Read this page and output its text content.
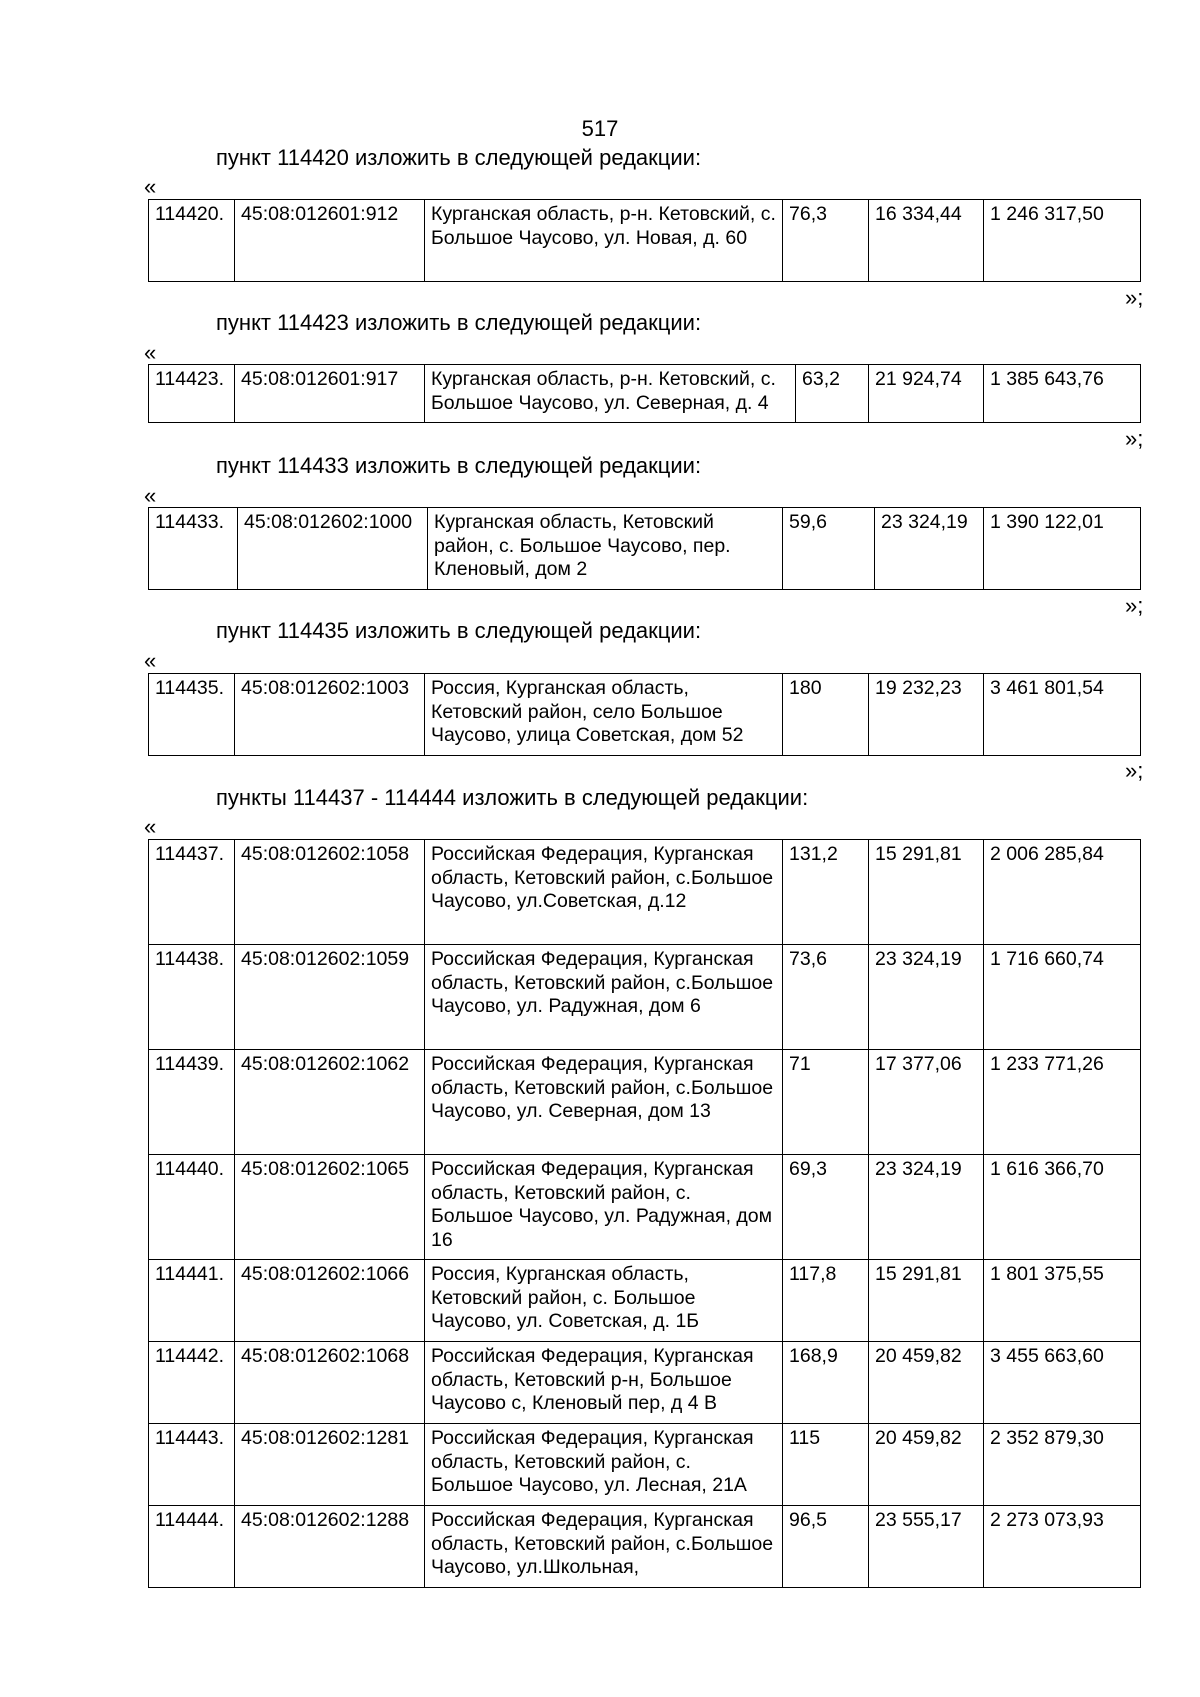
517
пункт 114420 изложить в следующей редакции:
«
114420.	45:08:012601:912	Курганская область, р-н. Кетовский, с. Большое Чаусово, ул. Новая, д. 60	76,3	16 334,44	1 246 317,50
»;
пункт 114423 изложить в следующей редакции:
«
114423.	45:08:012601:917	Курганская область, р-н. Кетовский, с. Большое Чаусово, ул. Северная, д. 4	63,2	21 924,74	1 385 643,76
»;
пункт 114433 изложить в следующей редакции:
«
114433.	45:08:012602:1000	Курганская область, Кетовский район, с. Большое Чаусово, пер. Кленовый, дом 2	59,6	23 324,19	1 390 122,01
»;
пункт 114435 изложить в следующей редакции:
«
114435.	45:08:012602:1003	Россия, Курганская область, Кетовский район, село Большое Чаусово, улица Советская, дом 52	180	19 232,23	3 461 801,54
»;
пункты 114437 - 114444 изложить в следующей редакции:
«
114437.	45:08:012602:1058	Российская Федерация, Курганская область, Кетовский район, с.Большое Чаусово, ул.Советская, д.12	131,2	15 291,81	2 006 285,84
114438.	45:08:012602:1059	Российская Федерация, Курганская область, Кетовский район, с.Большое Чаусово, ул. Радужная, дом 6	73,6	23 324,19	1 716 660,74
114439.	45:08:012602:1062	Российская Федерация, Курганская область, Кетовский район, с.Большое Чаусово, ул. Северная, дом 13	71	17 377,06	1 233 771,26
114440.	45:08:012602:1065	Российская Федерация, Курганская область, Кетовский район, с. Большое Чаусово, ул. Радужная, дом 16	69,3	23 324,19	1 616 366,70
114441.	45:08:012602:1066	Россия, Курганская область, Кетовский район, с. Большое Чаусово, ул. Советская, д. 1Б	117,8	15 291,81	1 801 375,55
114442.	45:08:012602:1068	Российская Федерация, Курганская область, Кетовский р-н, Большое Чаусово с, Кленовый пер, д 4 В	168,9	20 459,82	3 455 663,60
114443.	45:08:012602:1281	Российская Федерация, Курганская область, Кетовский район, с. Большое Чаусово, ул. Лесная, 21А	115	20 459,82	2 352 879,30
114444.	45:08:012602:1288	Российская Федерация, Курганская область, Кетовский район, с.Большое Чаусово, ул.Школьная,	96,5	23 555,17	2 273 073,93
